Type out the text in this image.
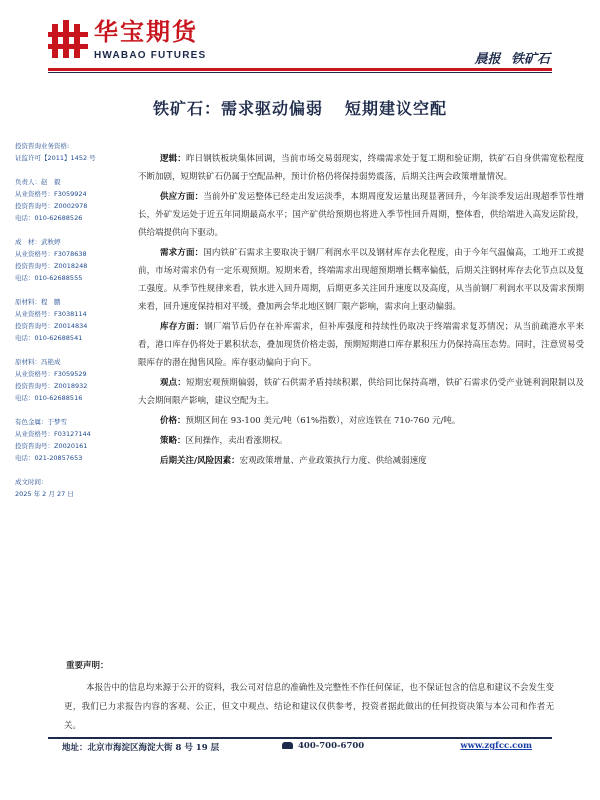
华宝期货
HWABAO FUTURES	晨报 铁矿石
铁矿石：需求驱动偏弱 短期建议空配
投资咨询业务资格:
证监许可【2011】1452 号
负责人：赵　毅
从业资格号：F3059924
投资咨询号：Z0002978
电话：010-62688526
成　材：武秋婷
从业资格号：F3078638
投资咨询号：Z0018248
电话：010-62688555
原材料：程　鹏
从业资格号：F3038114
投资咨询号：Z0014834
电话：010-62688541
原材料：冯艳成
从业资格号：F3059529
投资咨询号：Z0018932
电话：010-62688516
有色金属：于梦雪
从业资格号：F03127144
投资咨询号：Z0020161
电话：021-20857653
成文时间：
2025 年 2 月 27 日

逻辑：昨日钢铁板块集体回调，当前市场交易弱现实，终端需求处于复工期和验证期，铁矿石自身供需宽松程度不断加剧，短期铁矿石仍属于空配品种，预计价格仍将保持弱势震荡，后期关注两会政策增量情况。

供应方面：当前外矿发运整体已经走出发运淡季，本期周度发运量出现显著回升，今年淡季发运出现超季节性增长，外矿发运处于近五年同期最高水平；国产矿供给预期也将进入季节性回升周期，整体看，供给端进入高发运阶段，供给端提供向下驱动。

需求方面：国内铁矿石需求主要取决于钢厂利润水平以及钢材库存去化程度，由于今年气温偏高，工地开工或提前，市场对需求仍有一定乐观预期。短期来看，终端需求出现超预期增长概率偏低，后期关注钢材库存去化节点以及复工强度。从季节性规律来看，铁水进入回升周期，后期更多关注回升速度以及高度，从当前钢厂利润水平以及需求预期来看，回升速度保持相对平缓，叠加两会华北地区钢厂限产影响，需求向上驱动偏弱。

库存方面：钢厂端节后仍存在补库需求，但补库强度和持续性仍取决于终端需求复苏情况；从当前疏港水平来看，港口库存仍将处于累积状态，叠加现货价格走弱，预期短期港口库存累积压力仍保持高压态势。同时，注意贸易受限库存的潜在抛售风险。库存驱动偏向于向下。

观点：短期宏观预期偏弱，铁矿石供需矛盾持续积累，供给同比保持高增，铁矿石需求仍受产业链利润限制以及大会期间限产影响，建议空配为主。

价格：预期区间在 93-100 美元/吨（61%指数），对应连铁在 710-760 元/吨。

策略：区间操作，卖出看涨期权。

后期关注/风险因素：宏观政策增量、产业政策执行力度、供给减弱速度

重要声明：
本报告中的信息均来源于公开的资料，我公司对信息的准确性及完整性不作任何保证，也不保证包含的信息和建议不会发生变更，我们已力求报告内容的客观、公正，但文中观点、结论和建议仅供参考，投资者据此做出的任何投资决策与本公司和作者无关。
地址：北京市海淀区海淀大街 8 号 19 层	400-700-6700	www.zgfcc.com
